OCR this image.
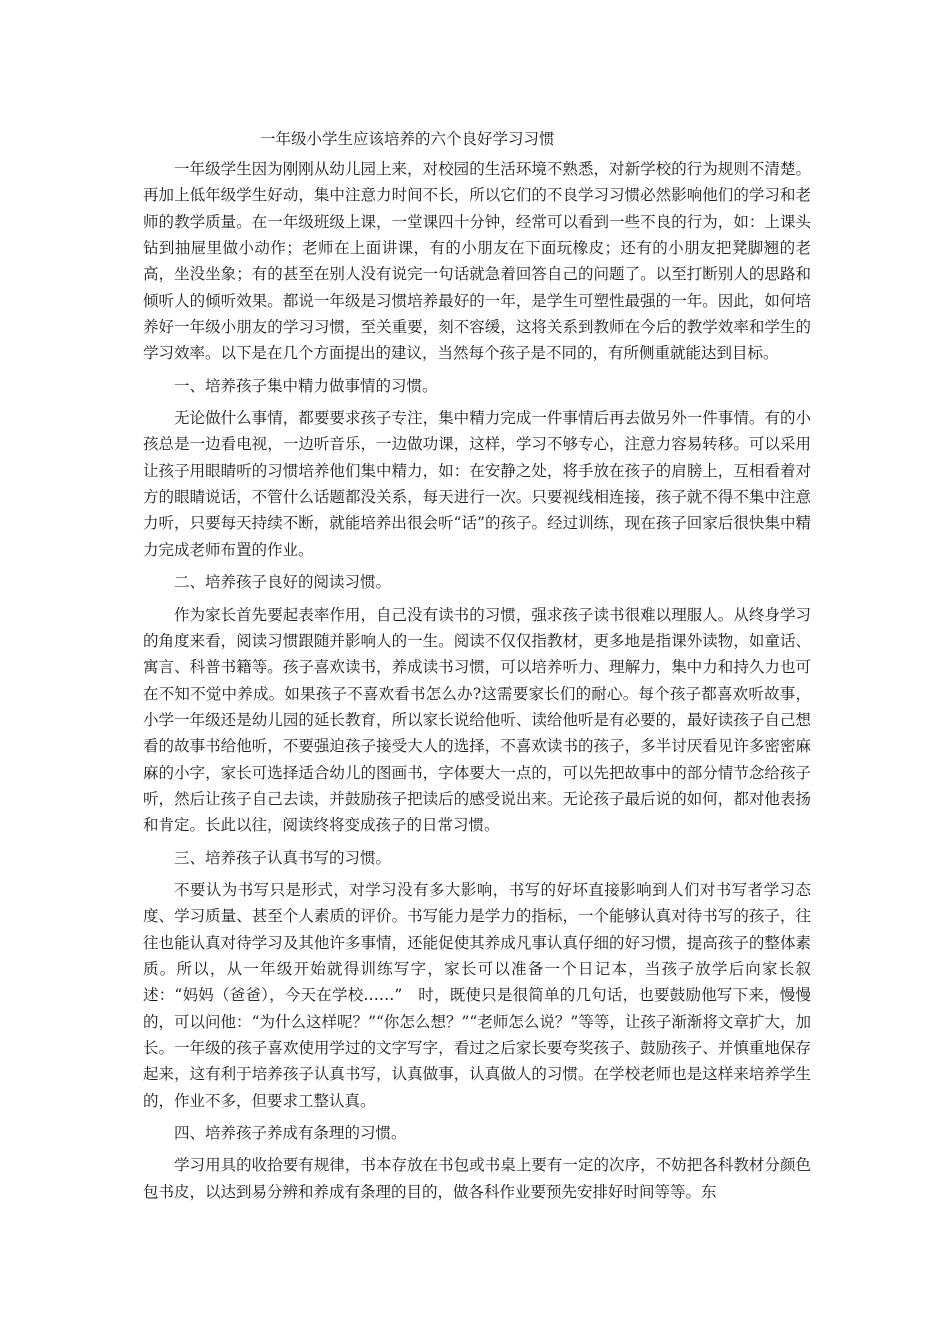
一年级小学生应该培养的六个良好学习习惯

一年级学生因为刚刚从幼儿园上来，对校园的生活环境不熟悉，对新学校的行为规则不清楚。再加上低年级学生好动，集中注意力时间不长，所以它们的不良学习习惯必然影响他们的学习和老师的教学质量。在一年级班级上课，一堂课四十分钟，经常可以看到一些不良的行为，如：上课头钻到抽屉里做小动作；老师在上面讲课，有的小朋友在下面玩橡皮；还有的小朋友把凳脚翘的老高，坐没坐象；有的甚至在别人没有说完一句话就急着回答自己的问题了。以至打断别人的思路和倾听人的倾听效果。都说一年级是习惯培养最好的一年，是学生可塑性最强的一年。因此，如何培养好一年级小朋友的学习习惯，至关重要，刻不容缓，这将关系到教师在今后的教学效率和学生的学习效率。以下是在几个方面提出的建议，当然每个孩子是不同的，有所侧重就能达到目标。

一、培养孩子集中精力做事情的习惯。

无论做什么事情，都要要求孩子专注，集中精力完成一件事情后再去做另外一件事情。有的小孩总是一边看电视，一边听音乐，一边做功课，这样，学习不够专心，注意力容易转移。可以采用让孩子用眼睛听的习惯培养他们集中精力，如：在安静之处，将手放在孩子的肩膀上，互相看着对方的眼睛说话，不管什么话题都没关系，每天进行一次。只要视线相连接，孩子就不得不集中注意力听，只要每天持续不断，就能培养出很会听“话”的孩子。经过训练，现在孩子回家后很快集中精力完成老师布置的作业。

二、培养孩子良好的阅读习惯。

作为家长首先要起表率作用，自己没有读书的习惯，强求孩子读书很难以理服人。从终身学习的角度来看，阅读习惯跟随并影响人的一生。阅读不仅仅指教材，更多地是指课外读物，如童话、寓言、科普书籍等。孩子喜欢读书，养成读书习惯，可以培养听力、理解力，集中力和持久力也可在不知不觉中养成。如果孩子不喜欢看书怎么办?这需要家长们的耐心。每个孩子都喜欢听故事，小学一年级还是幼儿园的延长教育，所以家长说给他听、读给他听是有必要的，最好读孩子自己想看的故事书给他听，不要强迫孩子接受大人的选择，不喜欢读书的孩子，多半讨厌看见许多密密麻麻的小字，家长可选择适合幼儿的图画书，字体要大一点的，可以先把故事中的部分情节念给孩子听，然后让孩子自己去读，并鼓励孩子把读后的感受说出来。无论孩子最后说的如何，都对他表扬和肯定。长此以往，阅读终将变成孩子的日常习惯。

三、培养孩子认真书写的习惯。

不要认为书写只是形式，对学习没有多大影响，书写的好坏直接影响到人们对书写者学习态度、学习质量、甚至个人素质的评价。书写能力是学力的指标，一个能够认真对待书写的孩子，往往也能认真对待学习及其他许多事情，还能促使其养成凡事认真仔细的好习惯，提高孩子的整体素质。所以，从一年级开始就得训练写字，家长可以准备一个日记本，当孩子放学后向家长叙述：“妈妈（爸爸），今天在学校……”　时，既使只是很简单的几句话，也要鼓励他写下来，慢慢的，可以问他：“为什么这样呢？”“你怎么想？”“老师怎么说？”等等，让孩子渐渐将文章扩大，加长。一年级的孩子喜欢使用学过的文字写字，看过之后家长要夸奖孩子、鼓励孩子、并慎重地保存起来，这有利于培养孩子认真书写，认真做事，认真做人的习惯。在学校老师也是这样来培养学生的，作业不多，但要求工整认真。

四、培养孩子养成有条理的习惯。

学习用具的收拾要有规律，书本存放在书包或书桌上要有一定的次序，不妨把各科教材分颜色包书皮，以达到易分辨和养成有条理的目的，做各科作业要预先安排好时间等等。东
